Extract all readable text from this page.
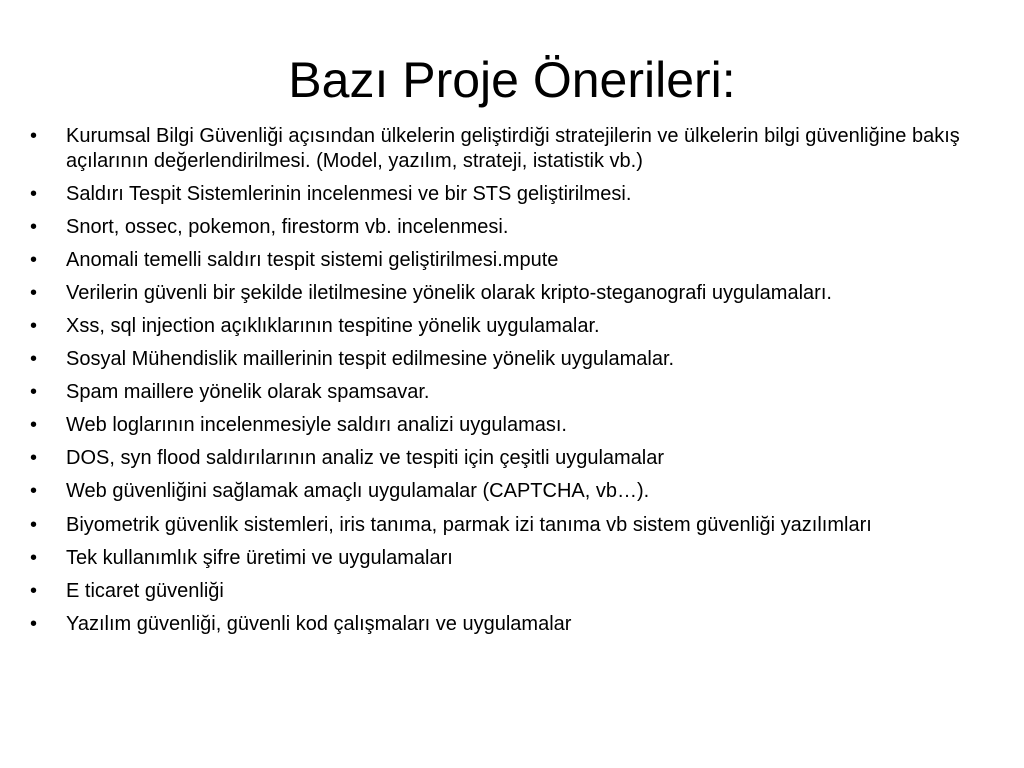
Bazı Proje Önerileri:
• Kurumsal Bilgi Güvenliği açısından ülkelerin geliştirdiği stratejilerin ve ülkelerin bilgi güvenliğine bakış açılarının değerlendirilmesi. (Model, yazılım, strateji, istatistik vb.)
• Saldırı Tespit Sistemlerinin incelenmesi ve bir STS geliştirilmesi.
• Snort, ossec, pokemon, firestorm vb. incelenmesi.
• Anomali temelli saldırı tespit sistemi geliştirilmesi.mpute
• Verilerin güvenli bir şekilde iletilmesine yönelik olarak kripto-steganografi uygulamaları.
• Xss, sql injection açıklıklarının tespitine yönelik uygulamalar.
• Sosyal Mühendislik maillerinin tespit edilmesine yönelik uygulamalar.
• Spam maillere yönelik olarak spamsavar.
• Web loglarının incelenmesiyle saldırı analizi uygulaması.
• DOS, syn flood saldırılarının analiz ve tespiti için çeşitli uygulamalar
• Web güvenliğini sağlamak amaçlı uygulamalar (CAPTCHA, vb…).
• Biyometrik güvenlik sistemleri, iris tanıma, parmak izi tanıma vb sistem güvenliği yazılımları
• Tek kullanımlık şifre üretimi ve uygulamaları
• E ticaret güvenliği
• Yazılım güvenliği, güvenli kod çalışmaları ve uygulamalar
